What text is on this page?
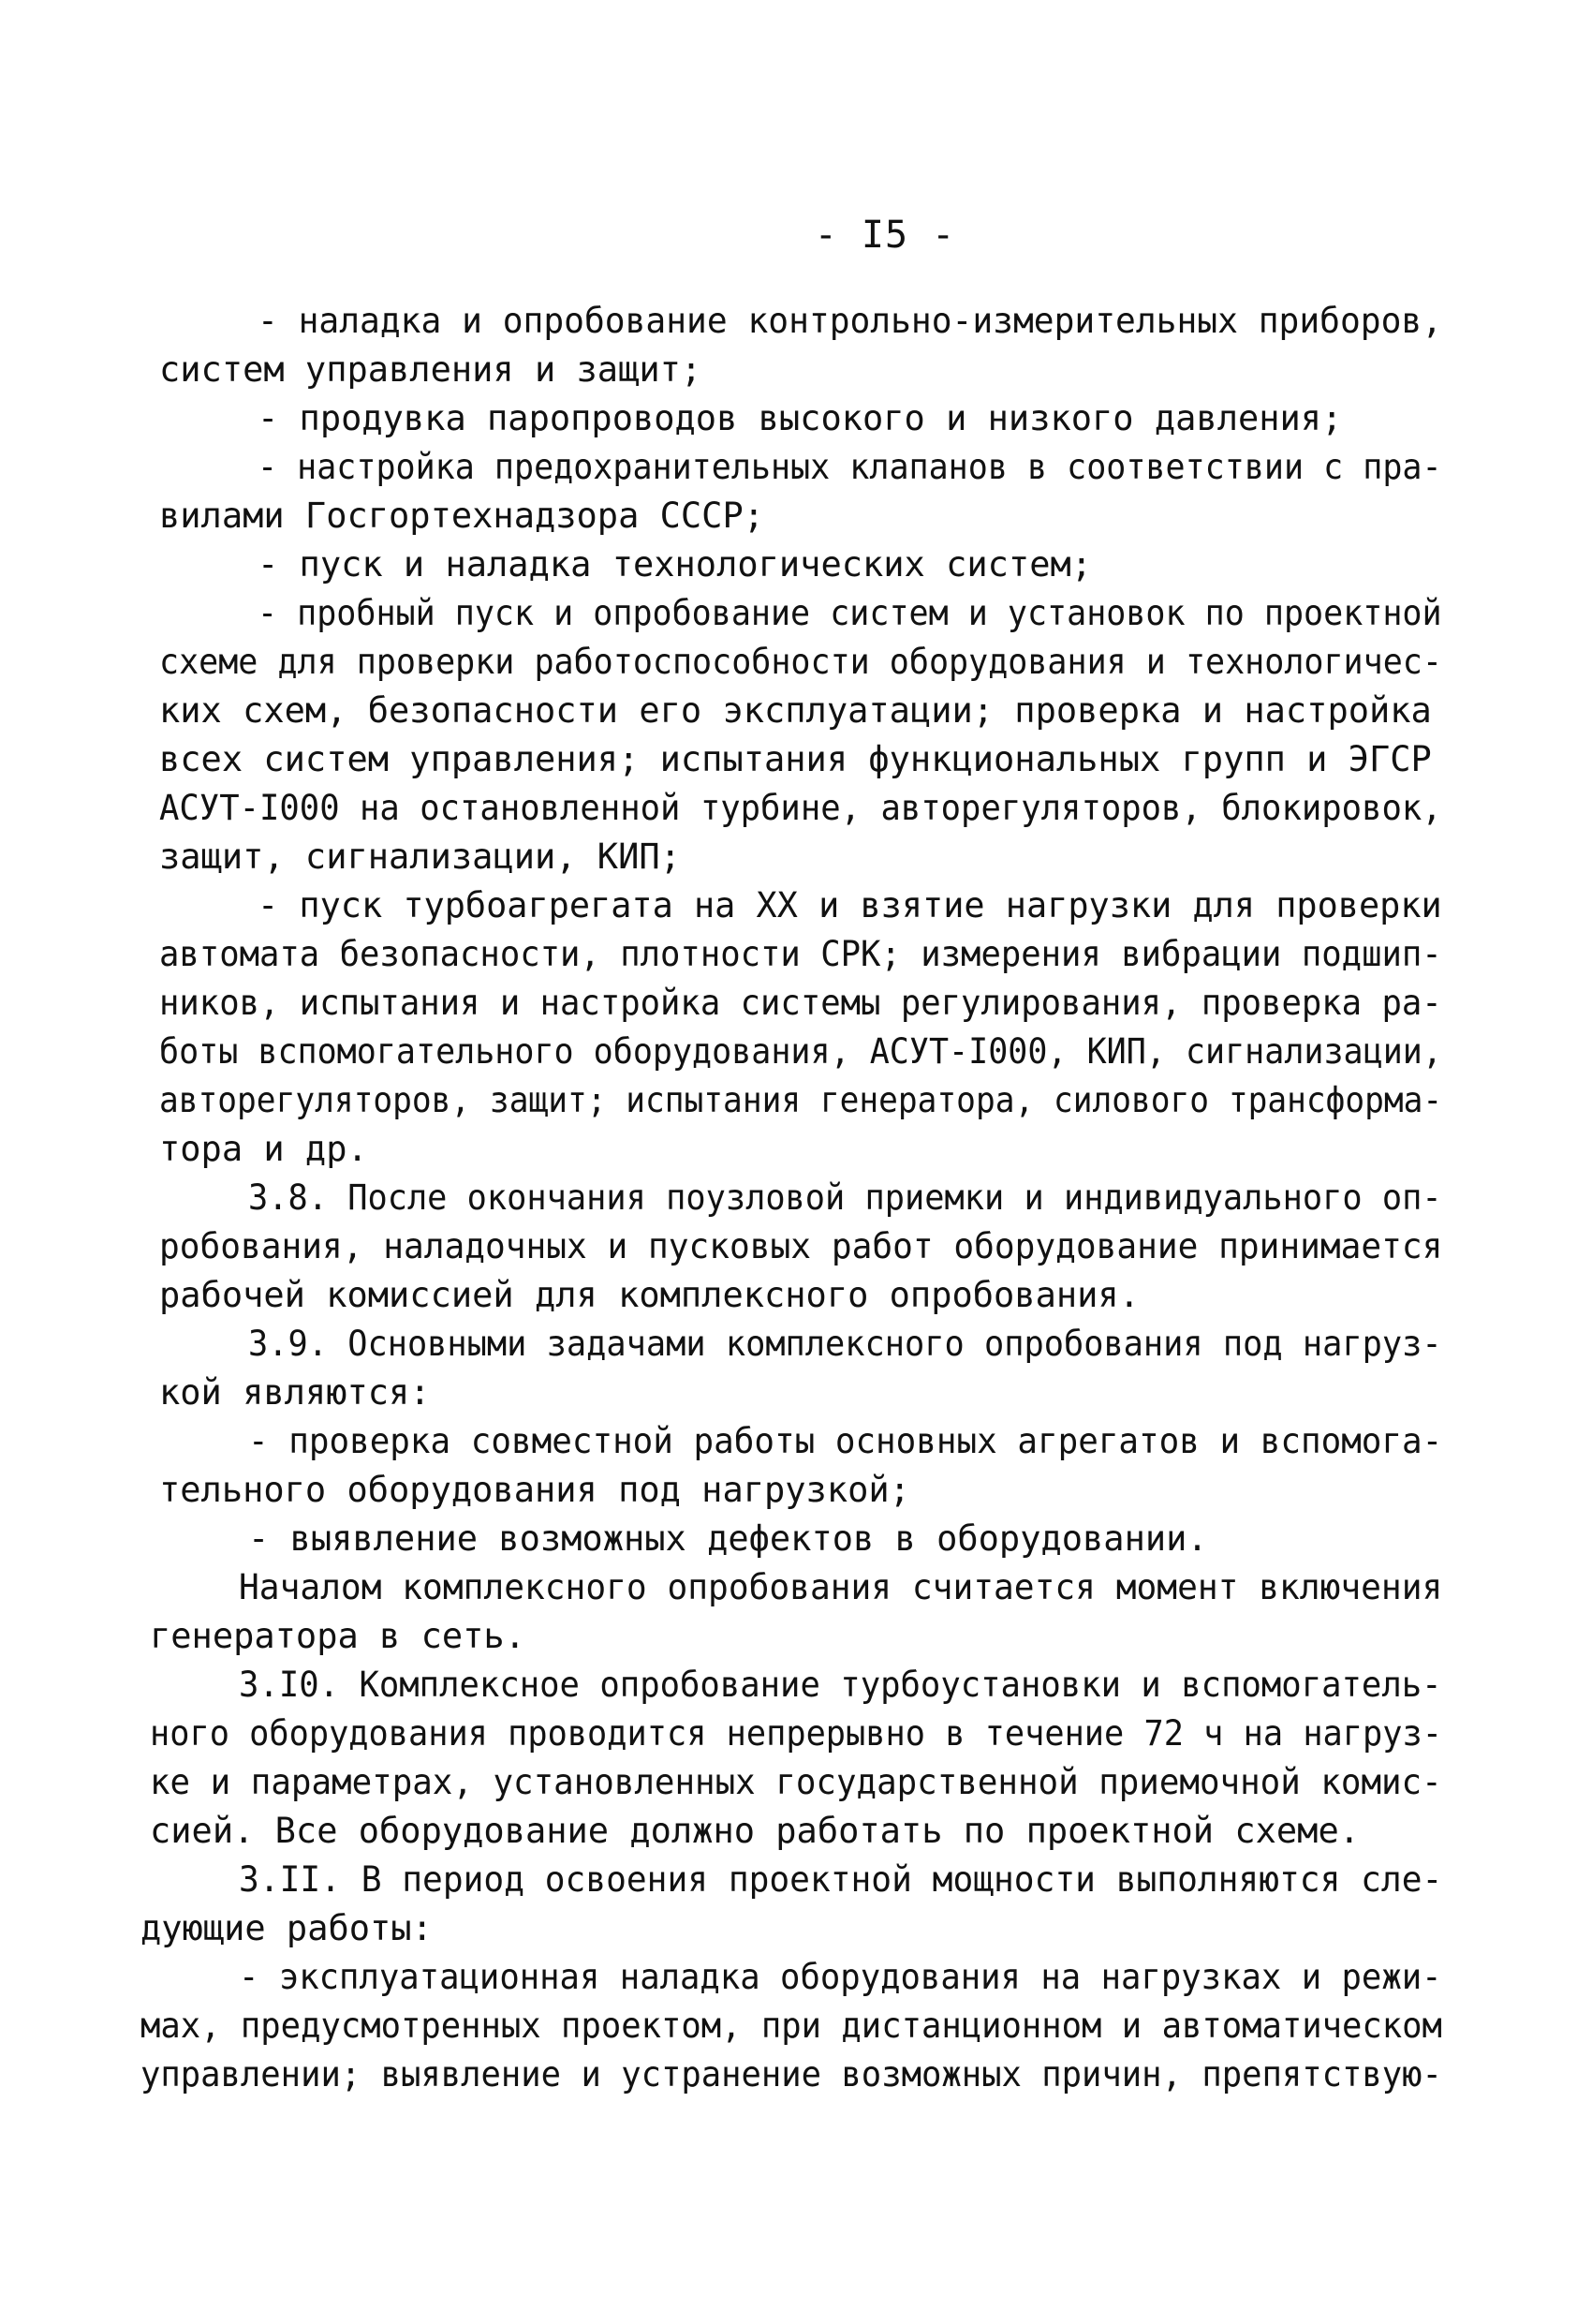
- I5 -
- наладка и опробование контрольно-измерительных приборов,
систем управления и защит;
- продувка паропроводов высокого и низкого давления;
- настройка предохранительных клапанов в соответствии с пра-
вилами Госгортехнадзора СССР;
- пуск и наладка технологических систем;
- пробный пуск и опробование систем и установок по проектной
схеме для проверки работоспособности оборудования и технологичес-
ких схем, безопасности его эксплуатации; проверка и настройка
всех систем управления; испытания функциональных групп и ЭГСР
АСУТ-I000 на остановленной турбине, авторегуляторов, блокировок,
защит, сигнализации, КИП;
- пуск турбоагрегата на XX и взятие нагрузки для проверки
автомата безопасности, плотности СРК; измерения вибрации подшип-
ников, испытания и настройка системы регулирования, проверка ра-
боты вспомогательного оборудования, АСУТ-I000, КИП, сигнализации,
авторегуляторов, защит; испытания генератора, силового трансформа-
тора и др.
3.8. После окончания поузловой приемки и индивидуального оп-
робования, наладочных и пусковых работ оборудование принимается
рабочей комиссией для комплексного опробования.
3.9. Основными задачами комплексного опробования под нагруз-
кой являются:
- проверка совместной работы основных агрегатов и вспомога-
тельного оборудования под нагрузкой;
- выявление возможных дефектов в оборудовании.
Началом комплексного опробования считается момент включения
генератора в сеть.
3.I0. Комплексное опробование турбоустановки и вспомогатель-
ного оборудования проводится непрерывно в течение 72 ч на нагруз-
ке и параметрах, установленных государственной приемочной комис-
сией. Все оборудование должно работать по проектной схеме.
3.II. В период освоения проектной мощности выполняются сле-
дующие работы:
- эксплуатационная наладка оборудования на нагрузках и режи-
мах, предусмотренных проектом, при дистанционном и автоматическом
управлении; выявление и устранение возможных причин, препятствую-
